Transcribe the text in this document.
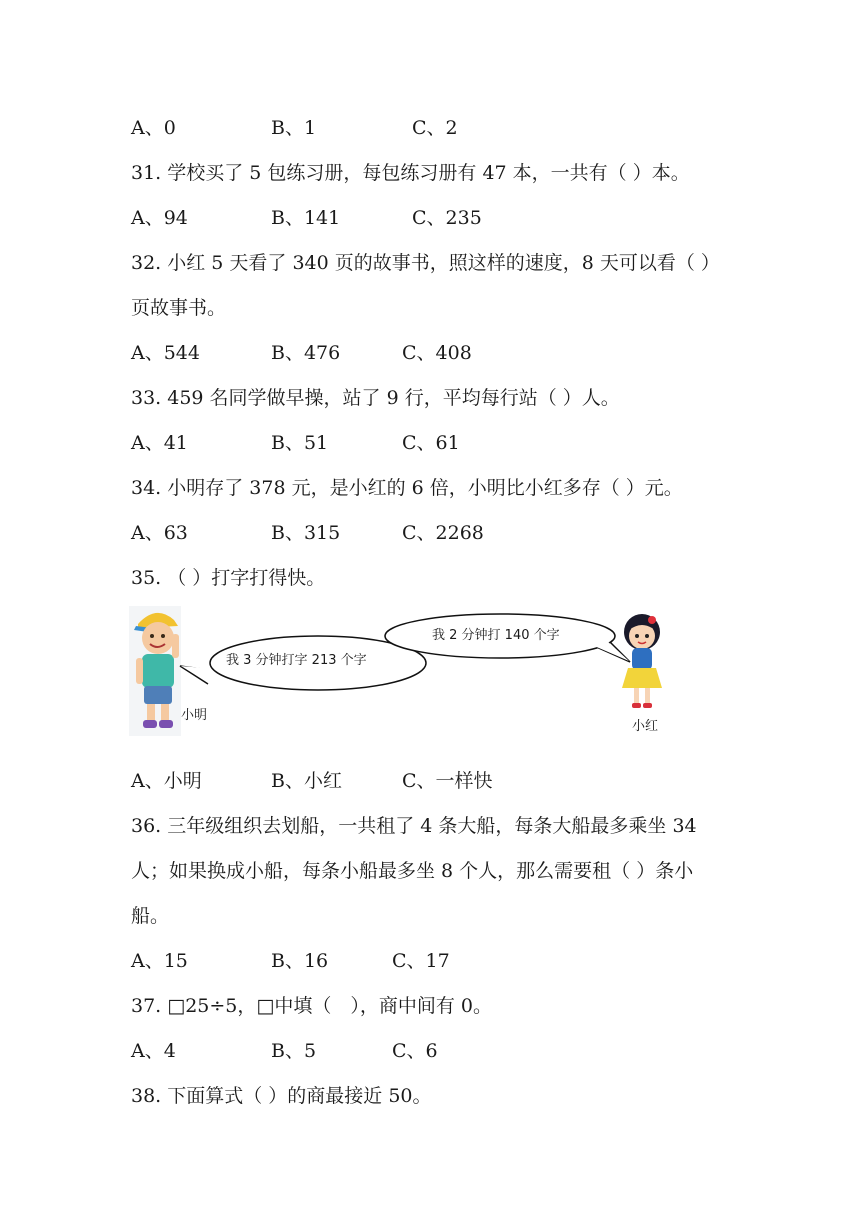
A、0	B、1	C、2
31. 学校买了 5 包练习册，每包练习册有 47 本，一共有（ ）本。
A、94	B、141	C、235
32. 小红 5 天看了 340 页的故事书，照这样的速度，8 天可以看（ ）
页故事书。
A、544	B、476	C、408
33. 459 名同学做早操，站了 9 行，平均每行站（ ）人。
A、41	B、51	C、61
34. 小明存了 378 元，是小红的 6 倍，小明比小红多存（ ）元。
A、63	B、315	C、2268
35. （ ）打字打得快。
小明
我 3 分钟打字 213 个字
我 2 分钟打 140 个字
小红
A、小明	B、小红	C、一样快
36. 三年级组织去划船，一共租了 4 条大船，每条大船最多乘坐 34
人；如果换成小船，每条小船最多坐 8 个人，那么需要租（ ）条小
船。
A、15	B、16	C、17
37. □25÷5，□中填（　），商中间有 0。
A、4	B、5	C、6
38. 下面算式（ ）的商最接近 50。
